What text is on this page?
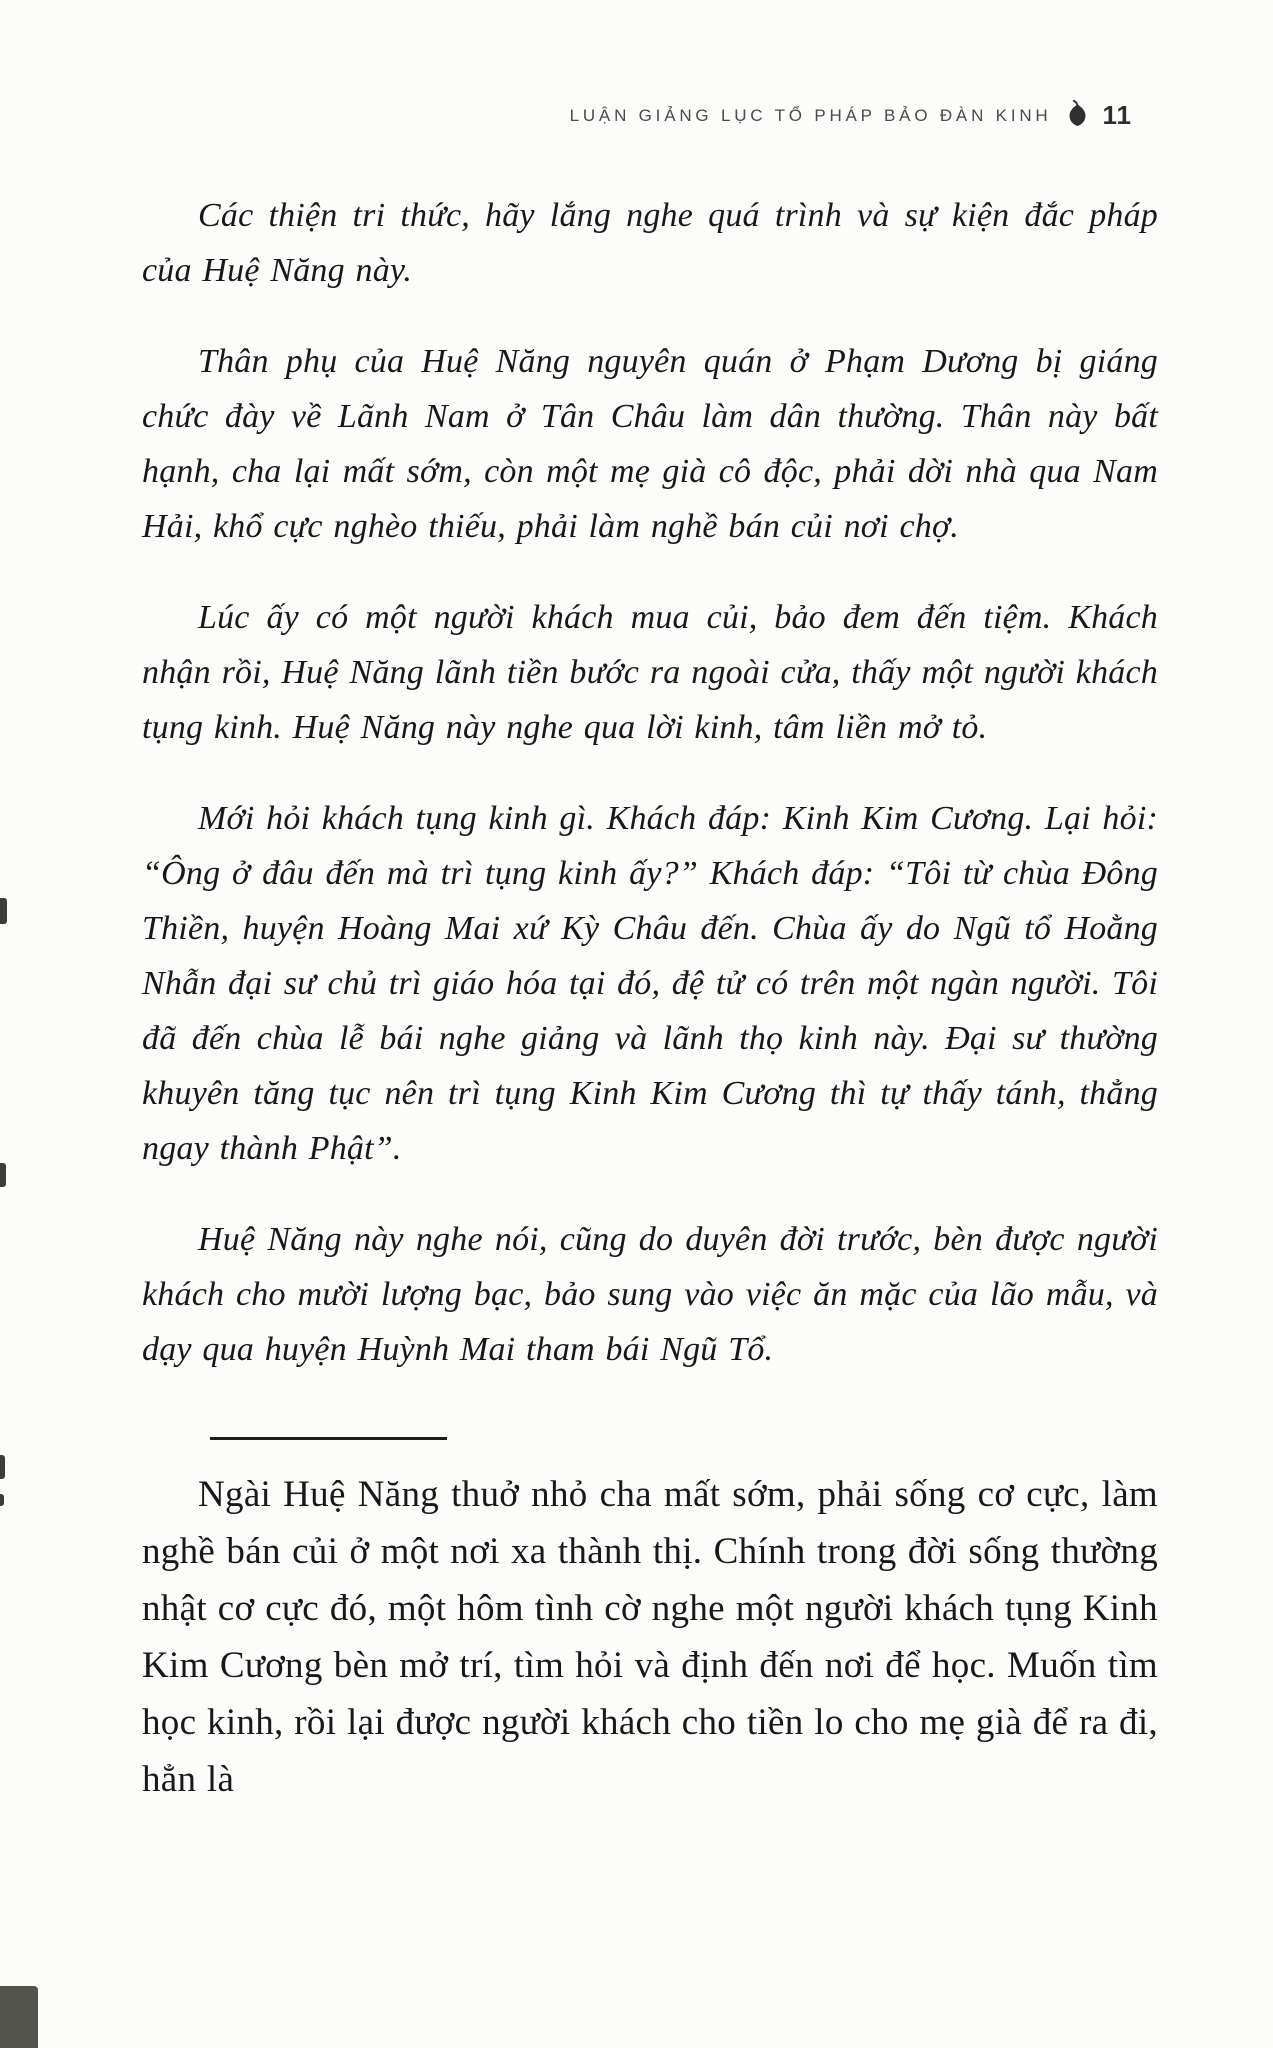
LUẬN GIẢNG LỤC TỔ PHÁP BẢO ĐÀN KINH 11

Các thiện tri thức, hãy lắng nghe quá trình và sự kiện đắc pháp của Huệ Năng này.

Thân phụ của Huệ Năng nguyên quán ở Phạm Dương bị giáng chức đày về Lãnh Nam ở Tân Châu làm dân thường. Thân này bất hạnh, cha lại mất sớm, còn một mẹ già cô độc, phải dời nhà qua Nam Hải, khổ cực nghèo thiếu, phải làm nghề bán củi nơi chợ.

Lúc ấy có một người khách mua củi, bảo đem đến tiệm. Khách nhận rồi, Huệ Năng lãnh tiền bước ra ngoài cửa, thấy một người khách tụng kinh. Huệ Năng này nghe qua lời kinh, tâm liền mở tỏ.

Mới hỏi khách tụng kinh gì. Khách đáp: Kinh Kim Cương. Lại hỏi: “Ông ở đâu đến mà trì tụng kinh ấy?” Khách đáp: “Tôi từ chùa Đông Thiền, huyện Hoàng Mai xứ Kỳ Châu đến. Chùa ấy do Ngũ tổ Hoằng Nhẫn đại sư chủ trì giáo hóa tại đó, đệ tử có trên một ngàn người. Tôi đã đến chùa lễ bái nghe giảng và lãnh thọ kinh này. Đại sư thường khuyên tăng tục nên trì tụng Kinh Kim Cương thì tự thấy tánh, thẳng ngay thành Phật”.

Huệ Năng này nghe nói, cũng do duyên đời trước, bèn được người khách cho mười lượng bạc, bảo sung vào việc ăn mặc của lão mẫu, và dạy qua huyện Huỳnh Mai tham bái Ngũ Tổ.

Ngài Huệ Năng thuở nhỏ cha mất sớm, phải sống cơ cực, làm nghề bán củi ở một nơi xa thành thị. Chính trong đời sống thường nhật cơ cực đó, một hôm tình cờ nghe một người khách tụng Kinh Kim Cương bèn mở trí, tìm hỏi và định đến nơi để học. Muốn tìm học kinh, rồi lại được người khách cho tiền lo cho mẹ già để ra đi, hẳn là
